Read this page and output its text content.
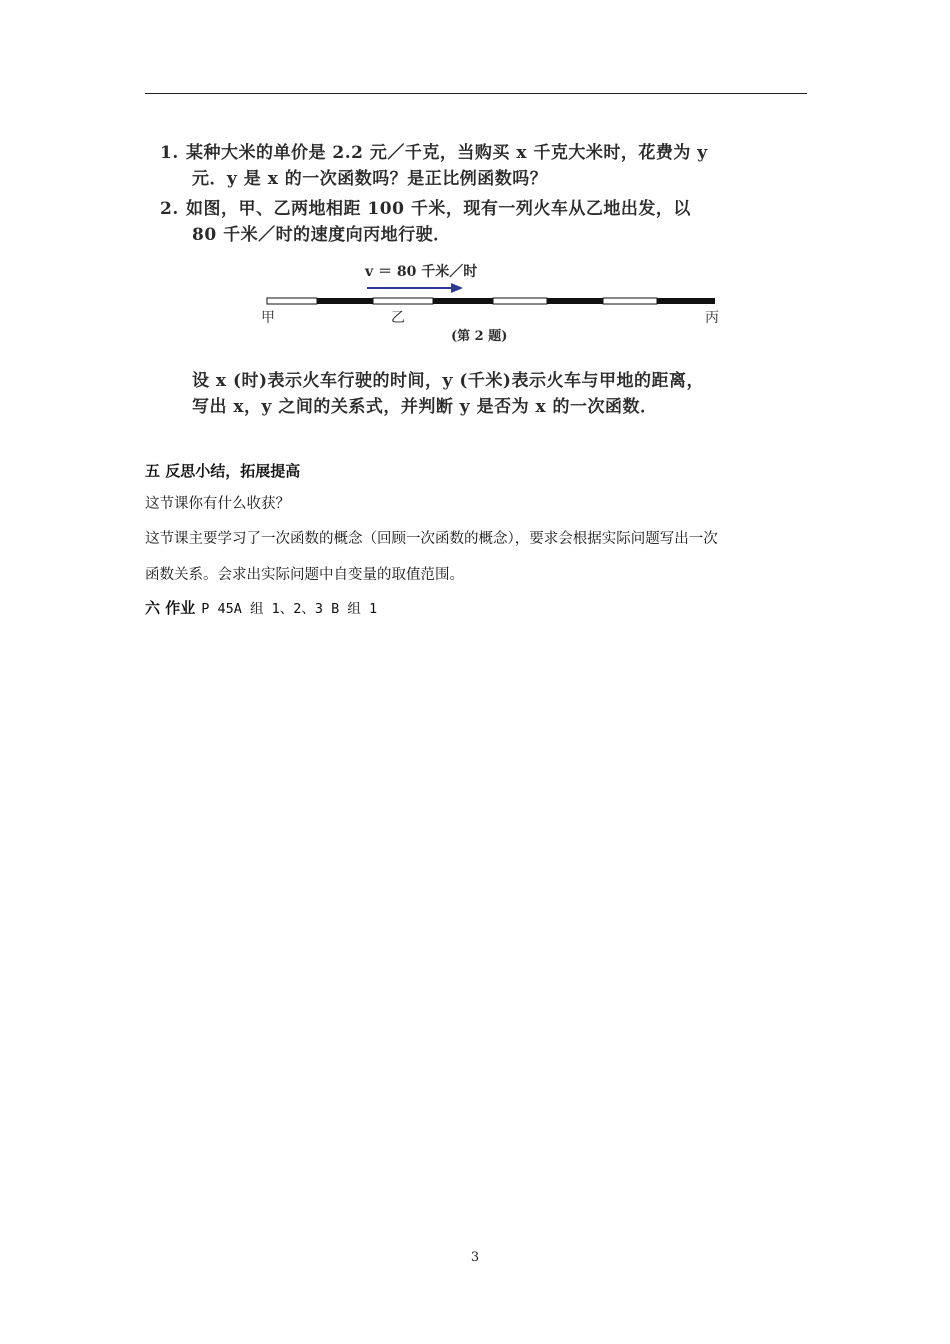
1. 某种大米的单价是 2.2 元／千克，当购买 x 千克大米时，花费为 y
元．y 是 x 的一次函数吗？是正比例函数吗？
2. 如图，甲、乙两地相距 100 千米，现有一列火车从乙地出发，以
80 千米／时的速度向丙地行驶．
v ＝ 80 千米／时
甲	乙	丙
(第 2 题)
设 x (时)表示火车行驶的时间，y (千米)表示火车与甲地的距离，
写出 x，y 之间的关系式，并判断 y 是否为 x 的一次函数．
五 反思小结，拓展提高
这节课你有什么收获？
这节课主要学习了一次函数的概念（回顾一次函数的概念），要求会根据实际问题写出一次
函数关系。会求出实际问题中自变量的取值范围。
六 作业 P 45A 组 1、2、3 B 组 1
3
